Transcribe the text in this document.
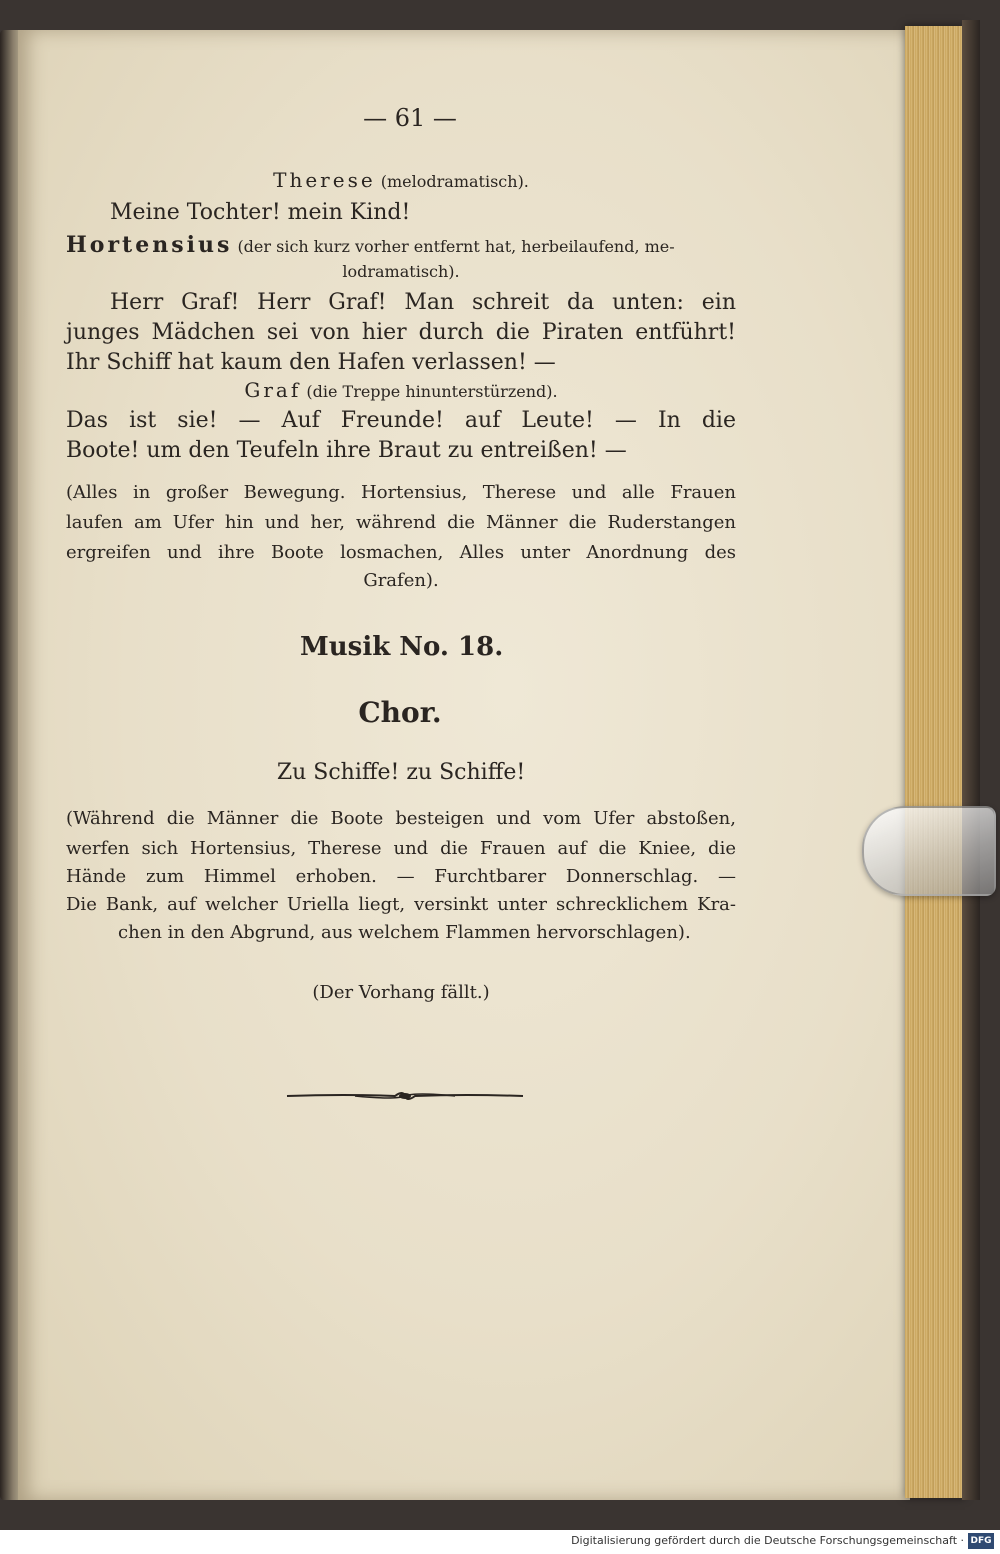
— 61 —
Therese (melodramatisch).
Meine Tochter! mein Kind!
Hortensius (der sich kurz vorher entfernt hat, herbeilaufend, me-
lodramatisch).
Herr Graf! Herr Graf! Man schreit da unten: ein
junges Mädchen sei von hier durch die Piraten entführt!
Ihr Schiff hat kaum den Hafen verlassen! —
Graf (die Treppe hinunterstürzend).
Das ist sie! — Auf Freunde! auf Leute! — In die
Boote! um den Teufeln ihre Braut zu entreißen! —
(Alles in großer Bewegung. Hortensius, Therese und alle Frauen
laufen am Ufer hin und her, während die Männer die Ruderstangen
ergreifen und ihre Boote losmachen, Alles unter Anordnung des
Grafen).
Musik No. 18.
Chor.
Zu Schiffe! zu Schiffe!
(Während die Männer die Boote besteigen und vom Ufer abstoßen,
werfen sich Hortensius, Therese und die Frauen auf die Kniee, die
Hände zum Himmel erhoben. — Furchtbarer Donnerschlag. —
Die Bank, auf welcher Uriella liegt, versinkt unter schrecklichem Kra-
chen in den Abgrund, aus welchem Flammen hervorschlagen).
(Der Vorhang fällt.)
Digitalisierung gefördert durch die Deutsche Forschungsgemeinschaft · DFG
